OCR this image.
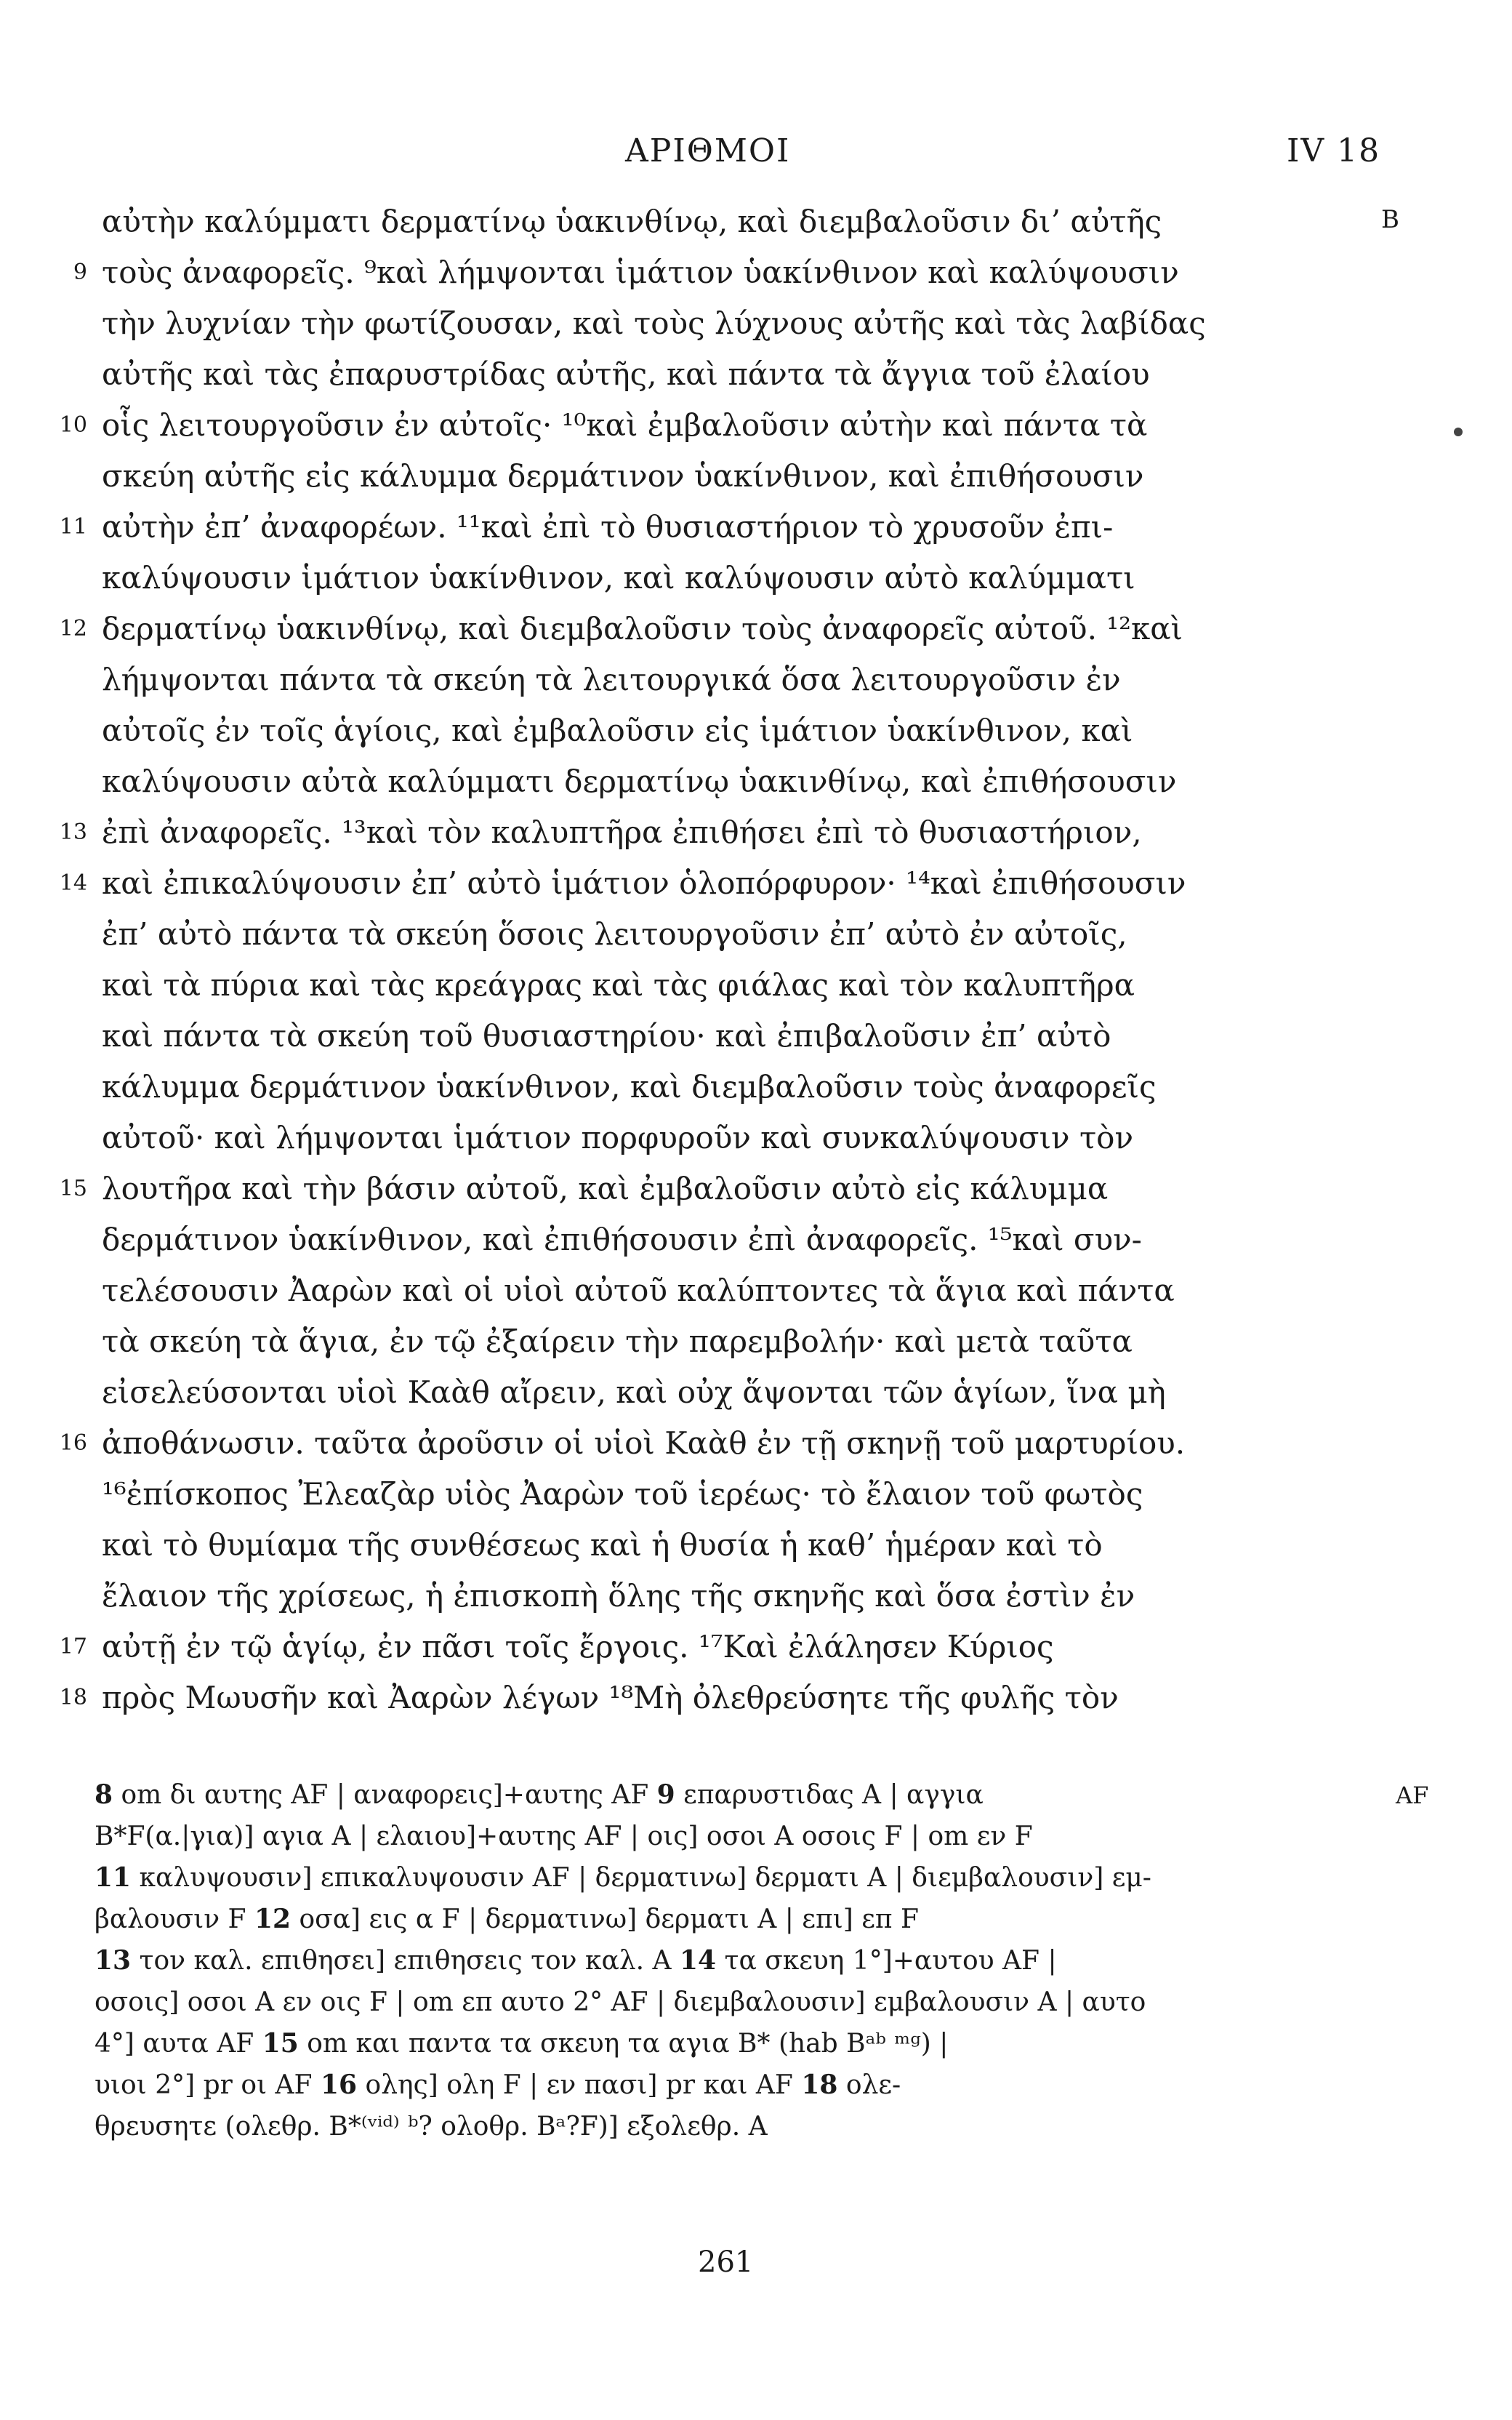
ΑΡΙΘΜΟΙ	IV 18
αὐτὴν καλύμματι δερματίνῳ ὑακινθίνῳ, καὶ διεμβαλοῦσιν δι’ αὐτῆς
τοὺς ἀναφορεῖς. ⁹καὶ λήμψονται ἱμάτιον ὑακίνθινον καὶ καλύψουσιν
τὴν λυχνίαν τὴν φωτίζουσαν, καὶ τοὺς λύχνους αὐτῆς καὶ τὰς λαβίδας
αὐτῆς καὶ τὰς ἐπαρυστρίδας αὐτῆς, καὶ πάντα τὰ ἄγγια τοῦ ἐλαίου
οἷς λειτουργοῦσιν ἐν αὐτοῖς· ¹⁰καὶ ἐμβαλοῦσιν αὐτὴν καὶ πάντα τὰ
σκεύη αὐτῆς εἰς κάλυμμα δερμάτινον ὑακίνθινον, καὶ ἐπιθήσουσιν
αὐτὴν ἐπ’ ἀναφορέων. ¹¹καὶ ἐπὶ τὸ θυσιαστήριον τὸ χρυσοῦν ἐπι-
καλύψουσιν ἱμάτιον ὑακίνθινον, καὶ καλύψουσιν αὐτὸ καλύμματι
δερματίνῳ ὑακινθίνῳ, καὶ διεμβαλοῦσιν τοὺς ἀναφορεῖς αὐτοῦ. ¹²καὶ
λήμψονται πάντα τὰ σκεύη τὰ λειτουργικά ὅσα λειτουργοῦσιν ἐν
αὐτοῖς ἐν τοῖς ἁγίοις, καὶ ἐμβαλοῦσιν εἰς ἱμάτιον ὑακίνθινον, καὶ
καλύψουσιν αὐτὰ καλύμματι δερματίνῳ ὑακινθίνῳ, καὶ ἐπιθήσουσιν
ἐπὶ ἀναφορεῖς. ¹³καὶ τὸν καλυπτῆρα ἐπιθήσει ἐπὶ τὸ θυσιαστήριον,
καὶ ἐπικαλύψουσιν ἐπ’ αὐτὸ ἱμάτιον ὁλοπόρφυρον· ¹⁴καὶ ἐπιθήσουσιν
ἐπ’ αὐτὸ πάντα τὰ σκεύη ὅσοις λειτουργοῦσιν ἐπ’ αὐτὸ ἐν αὐτοῖς,
καὶ τὰ πύρια καὶ τὰς κρεάγρας καὶ τὰς φιάλας καὶ τὸν καλυπτῆρα
καὶ πάντα τὰ σκεύη τοῦ θυσιαστηρίου· καὶ ἐπιβαλοῦσιν ἐπ’ αὐτὸ
κάλυμμα δερμάτινον ὑακίνθινον, καὶ διεμβαλοῦσιν τοὺς ἀναφορεῖς
αὐτοῦ· καὶ λήμψονται ἱμάτιον πορφυροῦν καὶ συνκαλύψουσιν τὸν
λουτῆρα καὶ τὴν βάσιν αὐτοῦ, καὶ ἐμβαλοῦσιν αὐτὸ εἰς κάλυμμα
δερμάτινον ὑακίνθινον, καὶ ἐπιθήσουσιν ἐπὶ ἀναφορεῖς. ¹⁵καὶ συν-
τελέσουσιν Ἀαρὼν καὶ οἱ υἱοὶ αὐτοῦ καλύπτοντες τὰ ἅγια καὶ πάντα
τὰ σκεύη τὰ ἅγια, ἐν τῷ ἐξαίρειν τὴν παρεμβολήν· καὶ μετὰ ταῦτα
εἰσελεύσονται υἱοὶ Καὰθ αἴρειν, καὶ οὐχ ἅψονται τῶν ἁγίων, ἵνα μὴ
ἀποθάνωσιν. ταῦτα ἀροῦσιν οἱ υἱοὶ Καὰθ ἐν τῇ σκηνῇ τοῦ μαρτυρίου.
¹⁶ἐπίσκοπος Ἐλεαζὰρ υἱὸς Ἀαρὼν τοῦ ἱερέως· τὸ ἔλαιον τοῦ φωτὸς
καὶ τὸ θυμίαμα τῆς συνθέσεως καὶ ἡ θυσία ἡ καθ’ ἡμέραν καὶ τὸ
ἔλαιον τῆς χρίσεως, ἡ ἐπισκοπὴ ὅλης τῆς σκηνῆς καὶ ὅσα ἐστὶν ἐν
αὐτῇ ἐν τῷ ἁγίῳ, ἐν πᾶσι τοῖς ἔργοις. ¹⁷Καὶ ἐλάλησεν Κύριος
πρὸς Μωυσῆν καὶ Ἀαρὼν λέγων ¹⁸Μὴ ὀλεθρεύσητε τῆς φυλῆς τὸν
9
10
11
12
13
14
15
16
17
18
B
8 om δι αυτης AF | αναφορεις]+αυτης AF 9 επαρυστιδας A | αγγια	AF
B*F(α.|για)] αγια A | ελαιου]+αυτης AF | οις] οσοι A οσοις F | om εν F
11 καλυψουσιν] επικαλυψουσιν AF | δερματινω] δερματι A | διεμβαλουσιν] εμ-
βαλουσιν F 12 οσα] εις α F | δερματινω] δερματι A | επι] επ F
13 τον καλ. επιθησει] επιθησεις τον καλ. A 14 τα σκευη 1°]+αυτου AF |
οσοις] οσοι A εν οις F | om επ αυτο 2° AF | διεμβαλουσιν] εμβαλουσιν A | αυτο
4°] αυτα AF 15 om και παντα τα σκευη τα αγια B* (hab Bᵃᵇ ᵐᵍ) |
υιοι 2°] pr οι AF 16 ολης] ολη F | εν πασι] pr και AF 18 ολε-
θρευσητε (ολεθρ. B*⁽ᵛⁱᵈ⁾ ᵇ? ολοθρ. Bᵃ?F)] εξολεθρ. A
261
